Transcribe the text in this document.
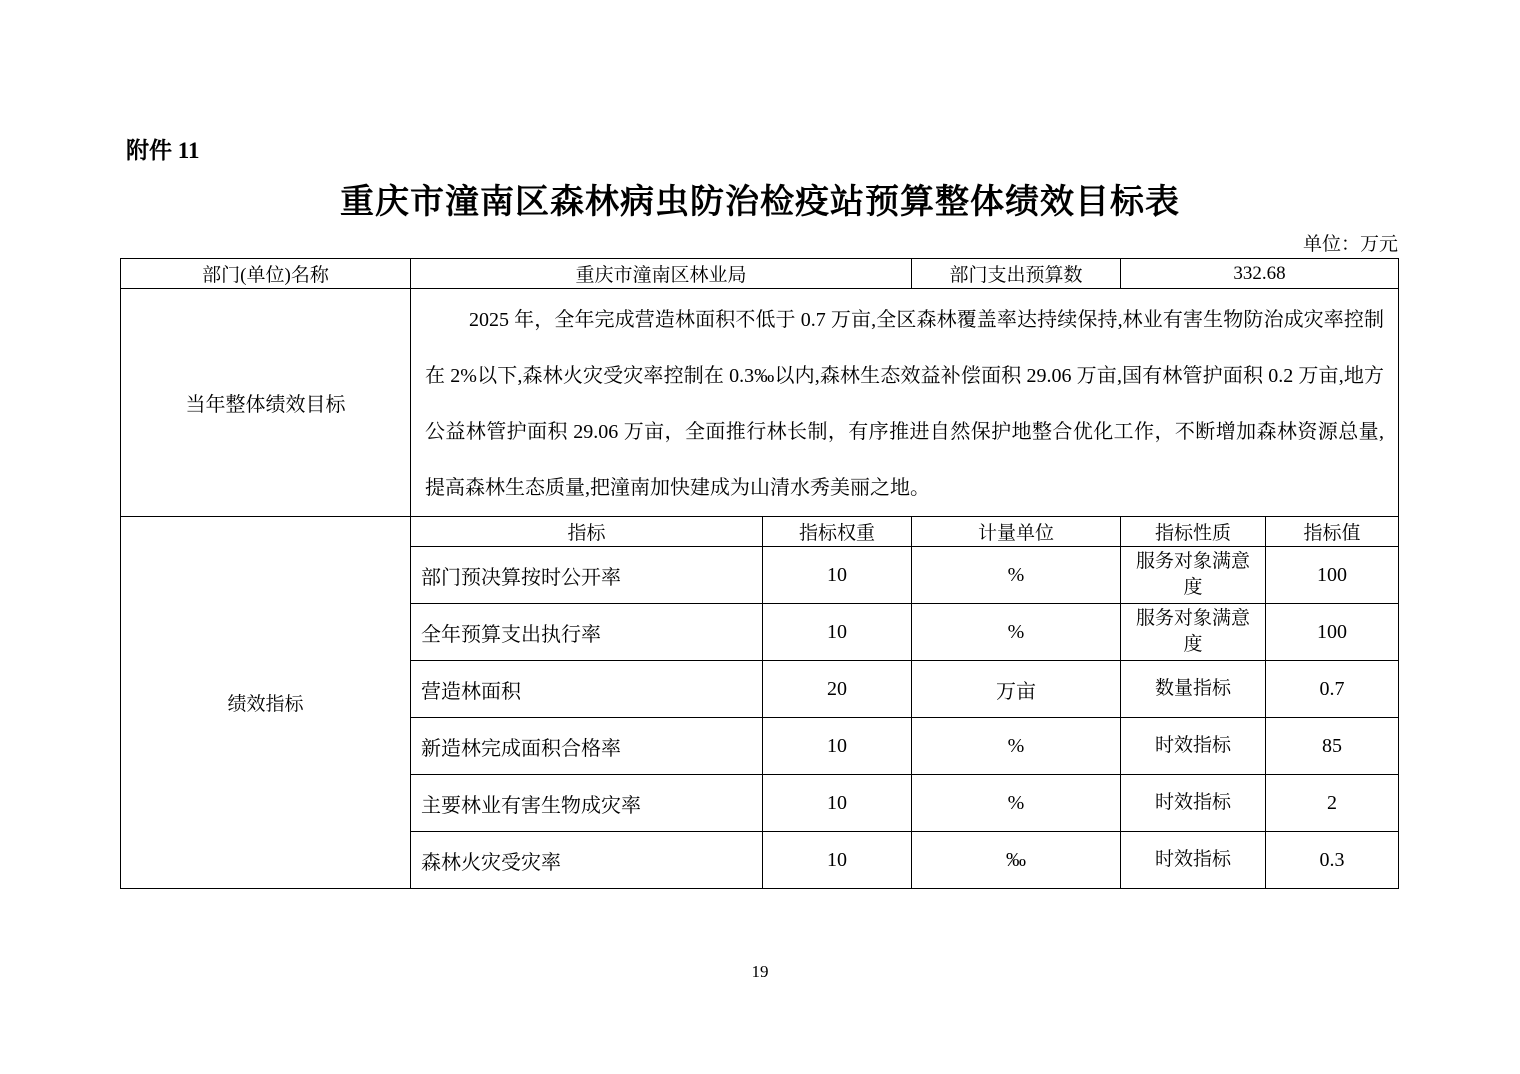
附件 11
重庆市潼南区森林病虫防治检疫站预算整体绩效目标表
单位：万元
部门(单位)名称	重庆市潼南区林业局		部门支出预算数	332.68	
当年整体绩效目标	2025 年，全年完成营造林面积不低于 0.7 万亩,全区森林覆盖率达持续保持,林业有害生物防治成灾率控制在 2%以下,森林火灾受灾率控制在 0.3‰以内,森林生态效益补偿面积 29.06 万亩,国有林管护面积 0.2 万亩,地方公益林管护面积 29.06 万亩，全面推行林长制，有序推进自然保护地整合优化工作，不断增加森林资源总量,提高森林生态质量,把潼南加快建成为山清水秀美丽之地。				

绩效指标	指标	指标权重	计量单位	指标性质	指标值
	部门预决算按时公开率	10	%	服务对象满意度	100
	全年预算支出执行率	10	%	服务对象满意度	100
	营造林面积	20	万亩	数量指标	0.7
	新造林完成面积合格率	10	%	时效指标	85
	主要林业有害生物成灾率	10	%	时效指标	2
	森林火灾受灾率	10	‰	时效指标	0.3
19
